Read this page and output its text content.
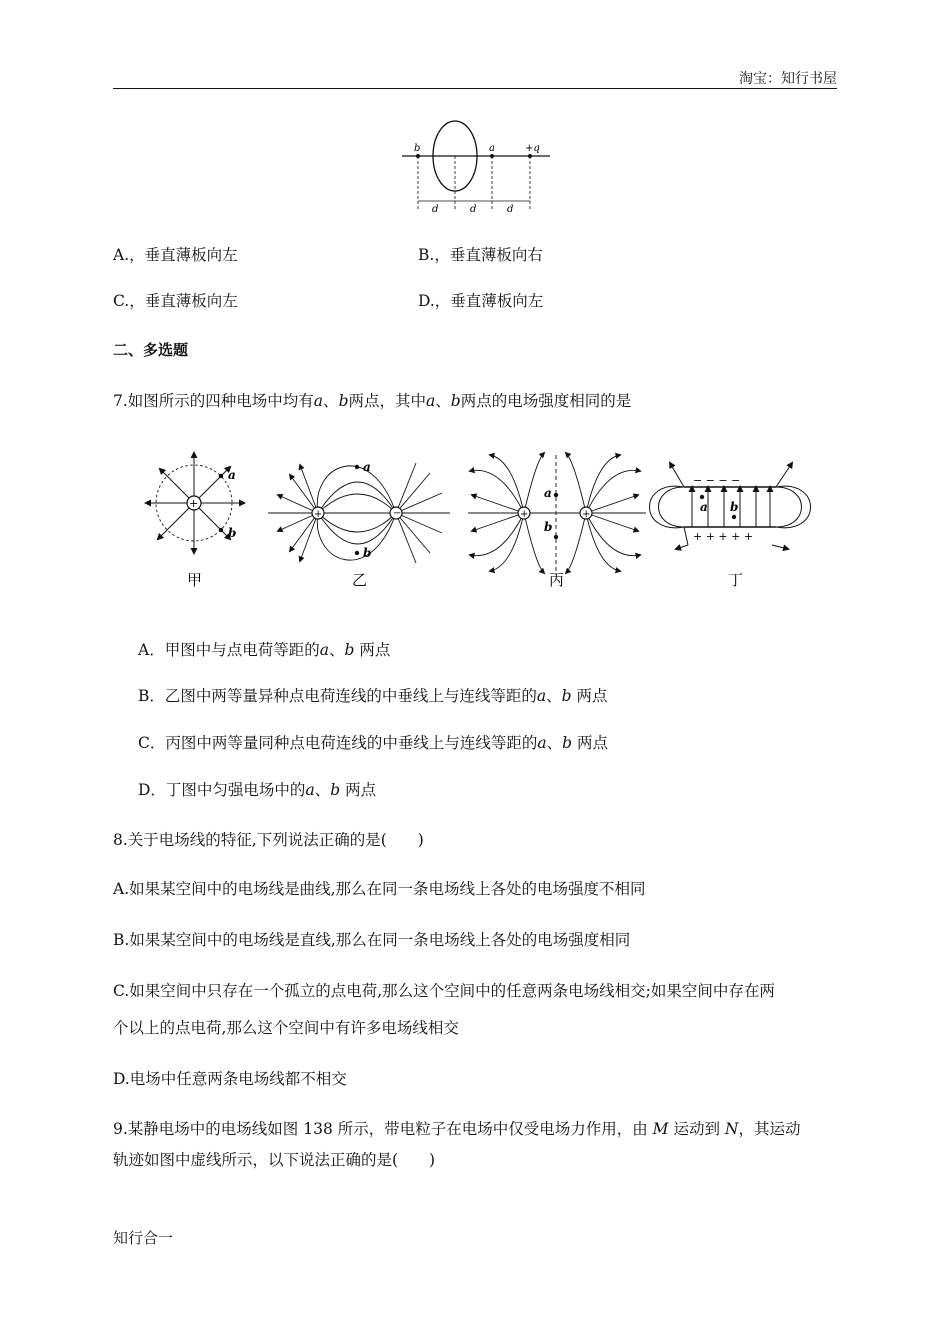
淘宝：知行书屋
b	a	+q
d	d	d
A.，垂直薄板向左	B.，垂直薄板向右
C.，垂直薄板向左	D.，垂直薄板向左
二、多选题
7.如图所示的四种电场中均有a、b两点，其中a、b两点的电场强度相同的是
+
a
b
+	−
a
b
+	+
a
b
− − − −
+ + + + +
a b
甲	乙	丙	丁
A．甲图中与点电荷等距的a、b 两点
B．乙图中两等量异种点电荷连线的中垂线上与连线等距的a、b 两点
C．丙图中两等量同种点电荷连线的中垂线上与连线等距的a、b 两点
D．丁图中匀强电场中的a、b 两点
8.关于电场线的特征,下列说法正确的是(　　)
A.如果某空间中的电场线是曲线,那么在同一条电场线上各处的电场强度不相同
B.如果某空间中的电场线是直线,那么在同一条电场线上各处的电场强度相同
C.如果空间中只存在一个孤立的点电荷,那么这个空间中的任意两条电场线相交;如果空间中存在两
个以上的点电荷,那么这个空间中有许多电场线相交
D.电场中任意两条电场线都不相交
9.某静电场中的电场线如图 138 所示，带电粒子在电场中仅受电场力作用，由 M 运动到 N，其运动
轨迹如图中虚线所示，以下说法正确的是(　　)
知行合一
